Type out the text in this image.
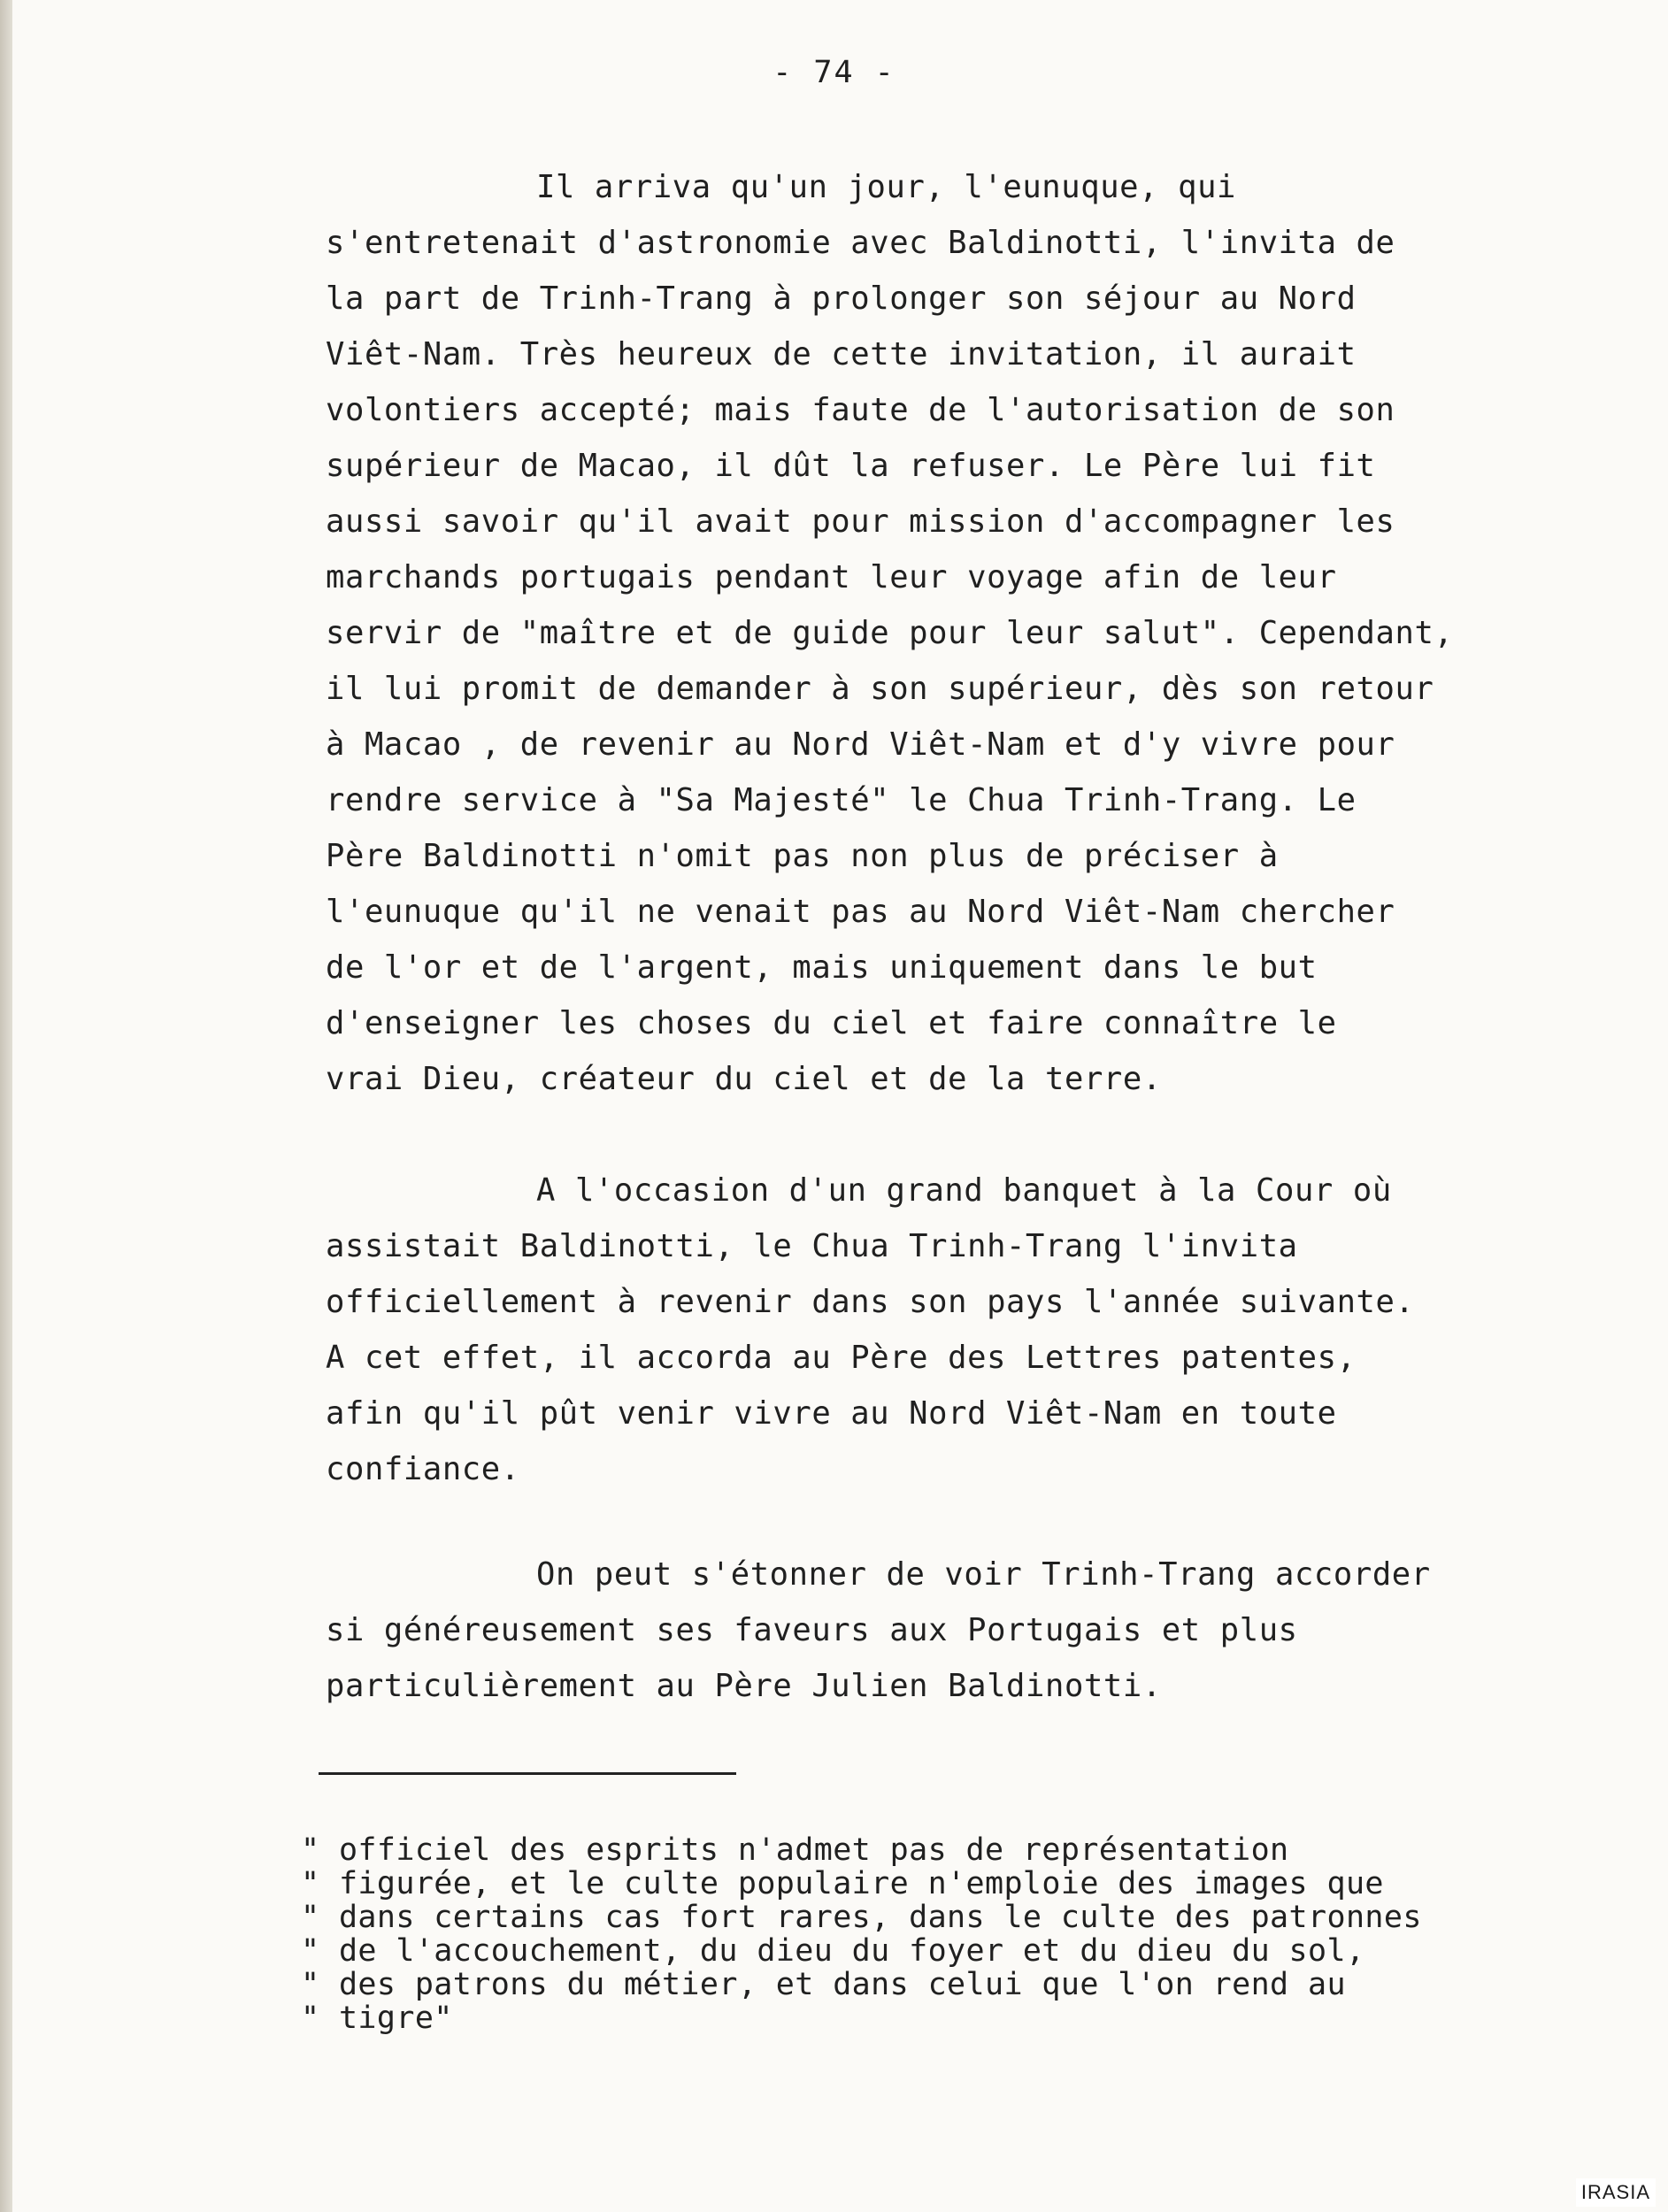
- 74 -
Il arriva qu'un jour, l'eunuque, qui
s'entretenait d'astronomie avec Baldinotti, l'invita de
la part de Trinh-Trang à prolonger son séjour au Nord
Viêt-Nam. Très heureux de cette invitation, il aurait
volontiers accepté; mais faute de l'autorisation de son
supérieur de Macao, il dût la refuser. Le Père lui fit
aussi savoir qu'il avait pour mission d'accompagner les
marchands portugais pendant leur voyage afin de leur
servir de "maître et de guide pour leur salut". Cependant,
il lui promit de demander à son supérieur, dès son retour
à Macao , de revenir au Nord Viêt-Nam et d'y vivre pour
rendre service à "Sa Majesté" le Chua Trinh-Trang. Le
Père Baldinotti n'omit pas non plus de préciser à
l'eunuque qu'il ne venait pas au Nord Viêt-Nam chercher
de l'or et de l'argent, mais uniquement dans le but
d'enseigner les choses du ciel et faire connaître le
vrai Dieu, créateur du ciel et de la terre.
A l'occasion d'un grand banquet à la Cour où
assistait Baldinotti, le Chua Trinh-Trang l'invita
officiellement à revenir dans son pays l'année suivante.
A cet effet, il accorda au Père des Lettres patentes,
afin qu'il pût venir vivre au Nord Viêt-Nam en toute
confiance.
On peut s'étonner de voir Trinh-Trang accorder
si généreusement ses faveurs aux Portugais et plus
particulièrement au Père Julien Baldinotti.
" officiel des esprits n'admet pas de représentation
" figurée, et le culte populaire n'emploie des images que
" dans certains cas fort rares, dans le culte des patronnes
" de l'accouchement, du dieu du foyer et du dieu du sol,
" des patrons du métier, et dans celui que l'on rend au
" tigre"
IRASIA
